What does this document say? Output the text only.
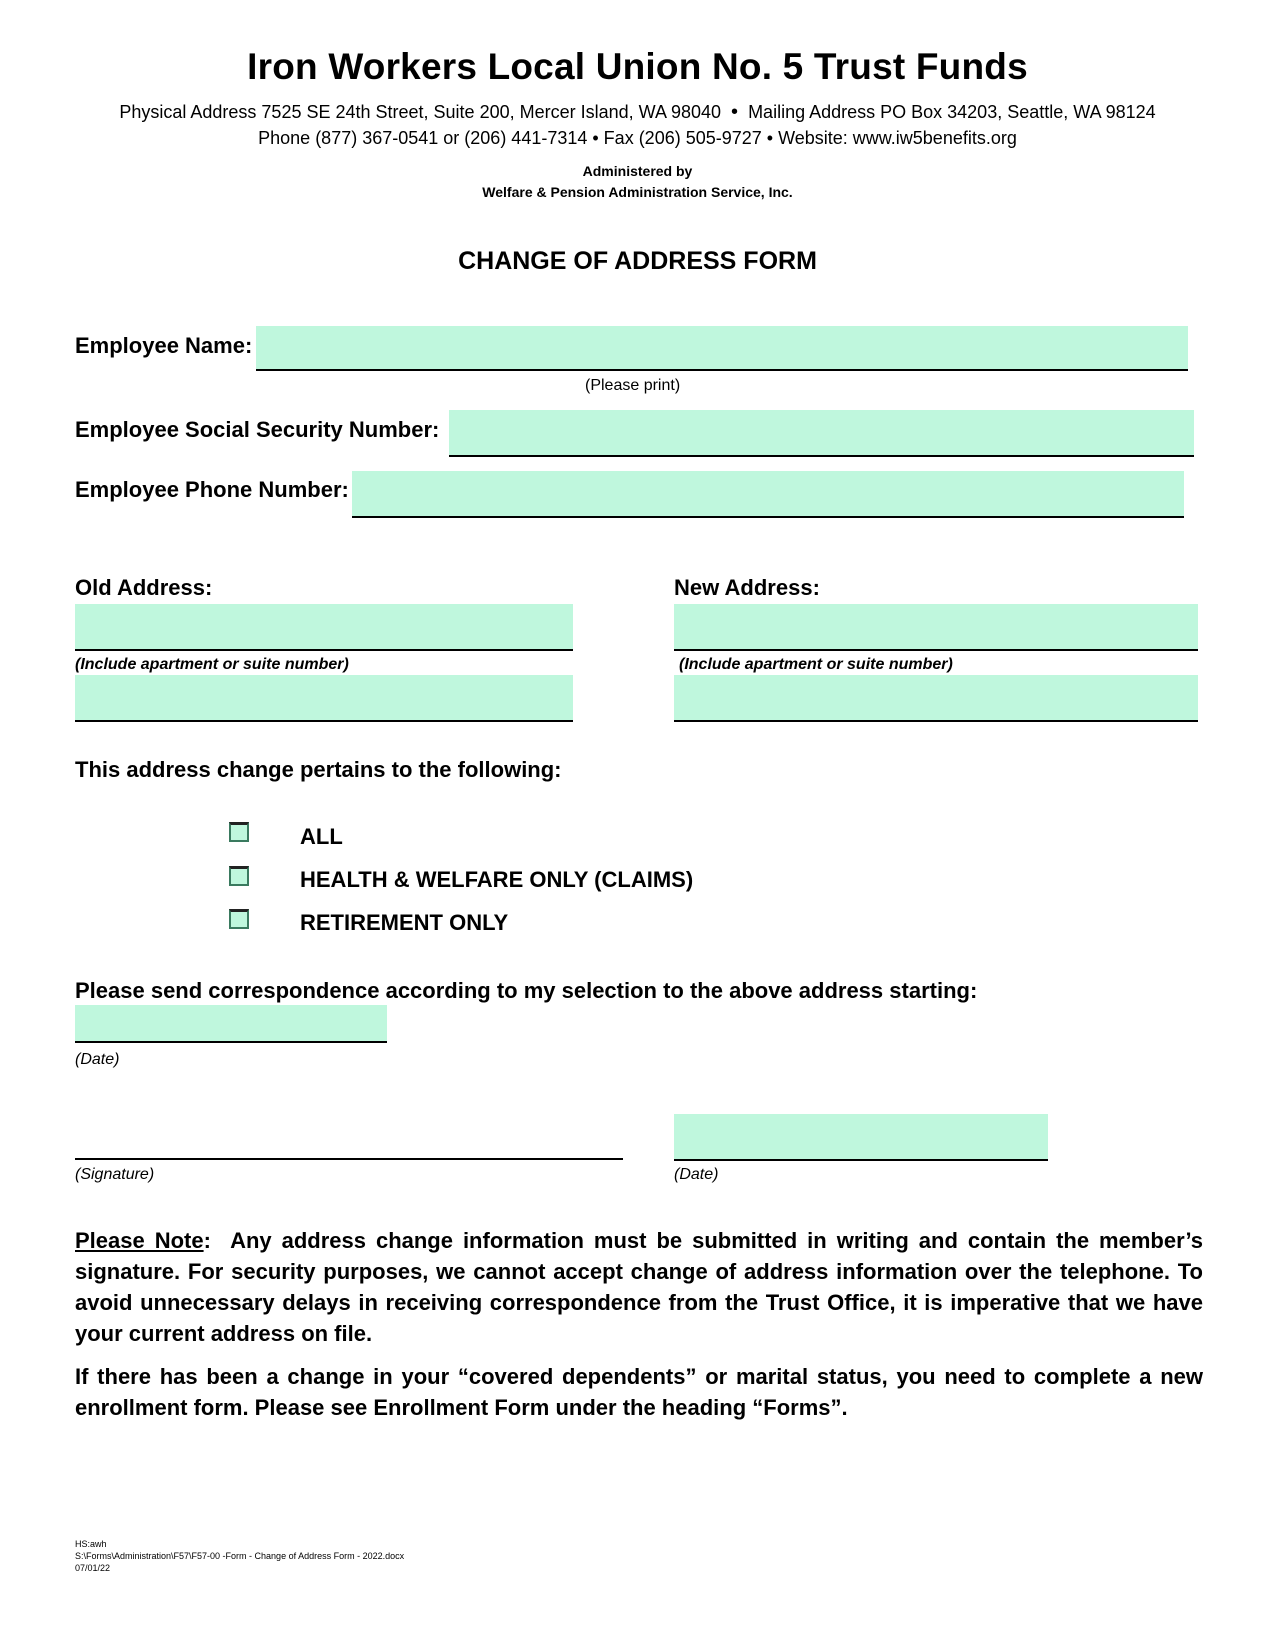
Iron Workers Local Union No. 5 Trust Funds
Physical Address 7525 SE 24th Street, Suite 200, Mercer Island, WA 98040 • Mailing Address PO Box 34203, Seattle, WA 98124
Phone (877) 367-0541 or (206) 441-7314 • Fax (206) 505-9727 • Website: www.iw5benefits.org
Administered by
Welfare & Pension Administration Service, Inc.
CHANGE OF ADDRESS FORM
Employee Name:
(Please print)
Employee Social Security Number:
Employee Phone Number:
Old Address:	New Address:
(Include apartment or suite number)	(Include apartment or suite number)
This address change pertains to the following:
ALL
HEALTH & WELFARE ONLY (CLAIMS)
RETIREMENT ONLY
Please send correspondence according to my selection to the above address starting:
(Date)
(Signature)	(Date)
Please Note: Any address change information must be submitted in writing and contain the member’s signature. For security purposes, we cannot accept change of address information over the telephone. To avoid unnecessary delays in receiving correspondence from the Trust Office, it is imperative that we have your current address on file.
If there has been a change in your “covered dependents” or marital status, you need to complete a new enrollment form. Please see Enrollment Form under the heading “Forms”.
HS:awh
S:\Forms\Administration\F57\F57-00 -Form - Change of Address Form - 2022.docx
07/01/22
